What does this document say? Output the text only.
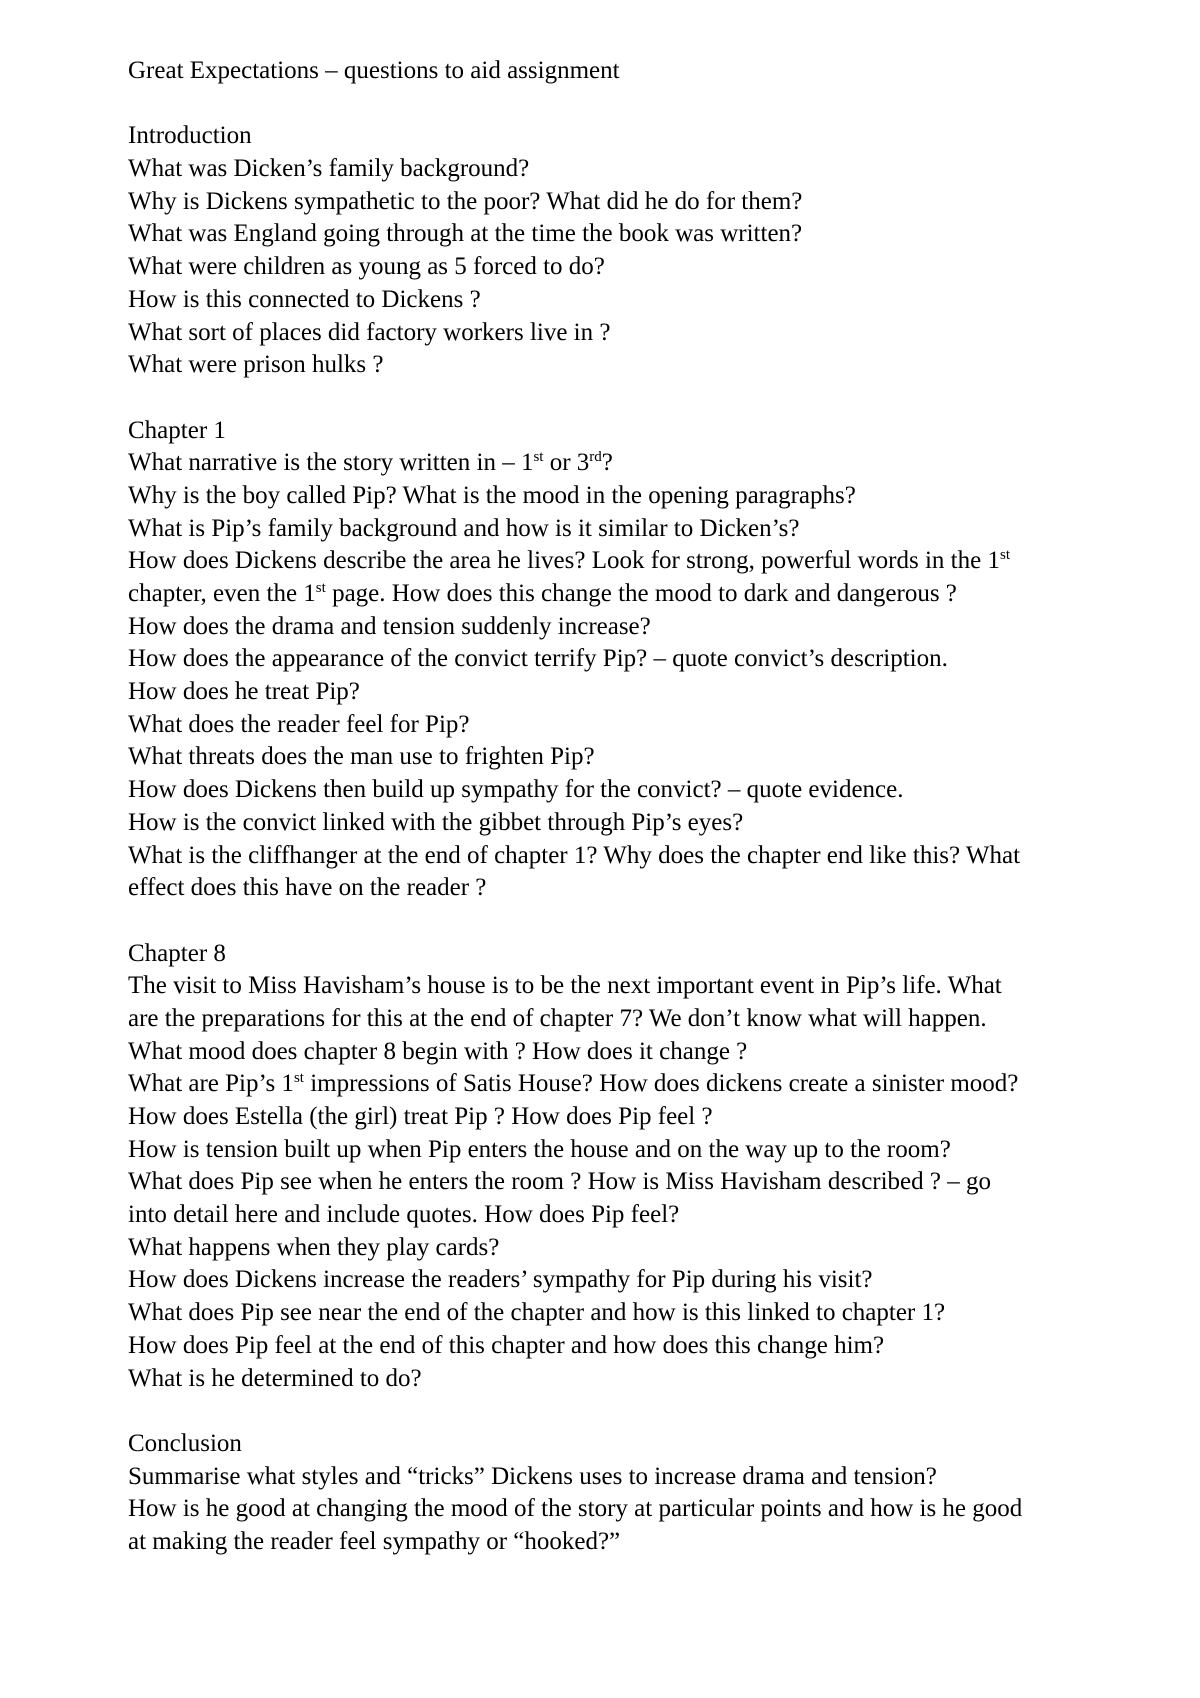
Great Expectations – questions to aid assignment
Introduction
What was Dicken’s family background?
Why is Dickens sympathetic to the poor? What did he do for them?
What was England going through at the time the book was written?
What were children as young as 5 forced to do?
How is this connected to Dickens ?
What sort of places did factory workers live in ?
What were prison hulks ?
Chapter 1
What narrative is the story written in – 1st or 3rd?
Why is the boy called Pip? What is the mood in the opening paragraphs?
What is Pip’s family background and how is it similar to Dicken’s?
How does Dickens describe the area he lives? Look for strong, powerful words in the 1st
chapter, even the 1st page. How does this change the mood to dark and dangerous ?
How does the drama and tension suddenly increase?
How does the appearance of the convict terrify Pip? – quote convict’s description.
How does he treat Pip?
What does the reader feel for Pip?
What threats does the man use to frighten Pip?
How does Dickens then build up sympathy for the convict? – quote evidence.
How is the convict linked with the gibbet through Pip’s eyes?
What is the cliffhanger at the end of chapter 1? Why does the chapter end like this? What
effect does this have on the reader ?
Chapter 8
The visit to Miss Havisham’s house is to be the next important event in Pip’s life. What
are the preparations for this at the end of chapter 7? We don’t know what will happen.
What mood does chapter 8 begin with ? How does it change ?
What are Pip’s 1st impressions of Satis House? How does dickens create a sinister mood?
How does Estella (the girl) treat Pip ? How does Pip feel ?
How is tension built up when Pip enters the house and on the way up to the room?
What does Pip see when he enters the room ? How is Miss Havisham described ? – go
into detail here and include quotes. How does Pip feel?
What happens when they play cards?
How does Dickens increase the readers’ sympathy for Pip during his visit?
What does Pip see near the end of the chapter and how is this linked to chapter 1?
How does Pip feel at the end of this chapter and how does this change him?
What is he determined to do?
Conclusion
Summarise what styles and “tricks” Dickens uses to increase drama and tension?
How is he good at changing the mood of the story at particular points and how is he good
at making the reader feel sympathy or “hooked?”
